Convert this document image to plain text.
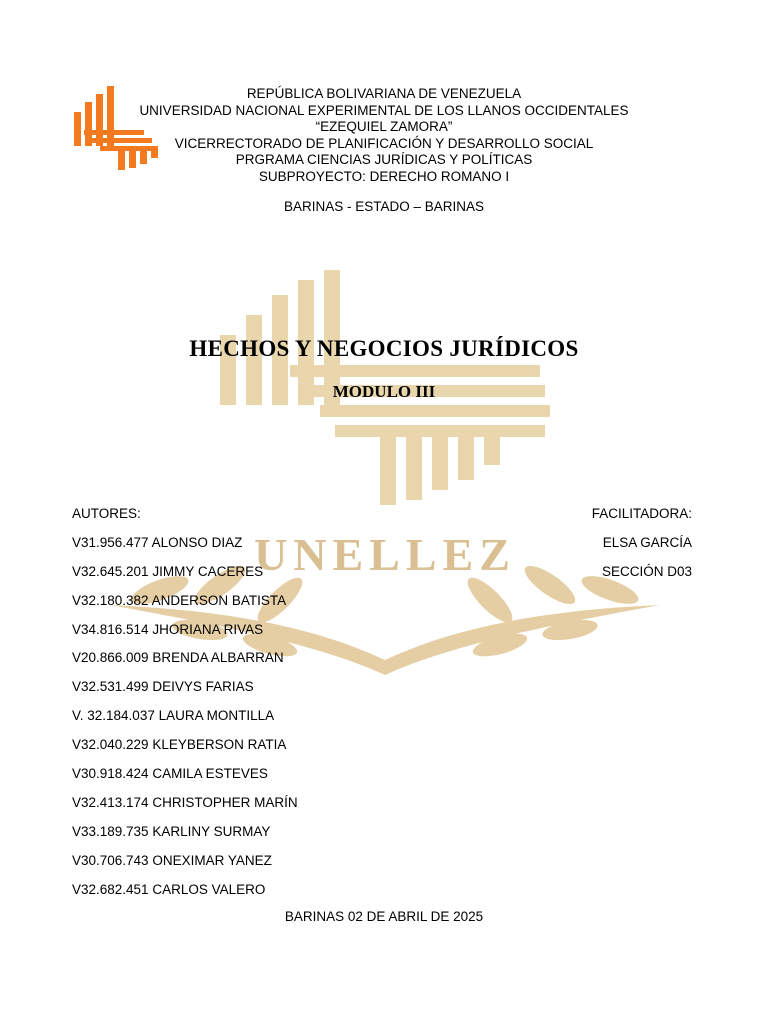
REPÚBLICA BOLIVARIANA DE VENEZUELA
UNIVERSIDAD NACIONAL EXPERIMENTAL DE LOS LLANOS OCCIDENTALES
“EZEQUIEL ZAMORA”
VICERRECTORADO DE PLANIFICACIÓN Y DESARROLLO SOCIAL
PRGRAMA CIENCIAS JURÍDICAS Y POLÍTICAS
SUBPROYECTO: DERECHO ROMANO I
BARINAS - ESTADO – BARINAS
UNELLEZ
HECHOS Y NEGOCIOS JURÍDICOS
MODULO III
AUTORES:
V31.956.477 ALONSO DIAZ
V32.645.201 JIMMY CACERES
V32.180.382 ANDERSON BATISTA
V34.816.514 JHORIANA RIVAS
V20.866.009 BRENDA ALBARRAN
V32.531.499 DEIVYS FARIAS
V. 32.184.037 LAURA MONTILLA
V32.040.229 KLEYBERSON RATIA
V30.918.424 CAMILA ESTEVES
V32.413.174 CHRISTOPHER MARÍN
V33.189.735 KARLINY SURMAY
V30.706.743 ONEXIMAR YANEZ
V32.682.451 CARLOS VALERO
FACILITADORA:
ELSA GARCÍA
SECCIÓN D03
BARINAS 02 DE ABRIL DE 2025
